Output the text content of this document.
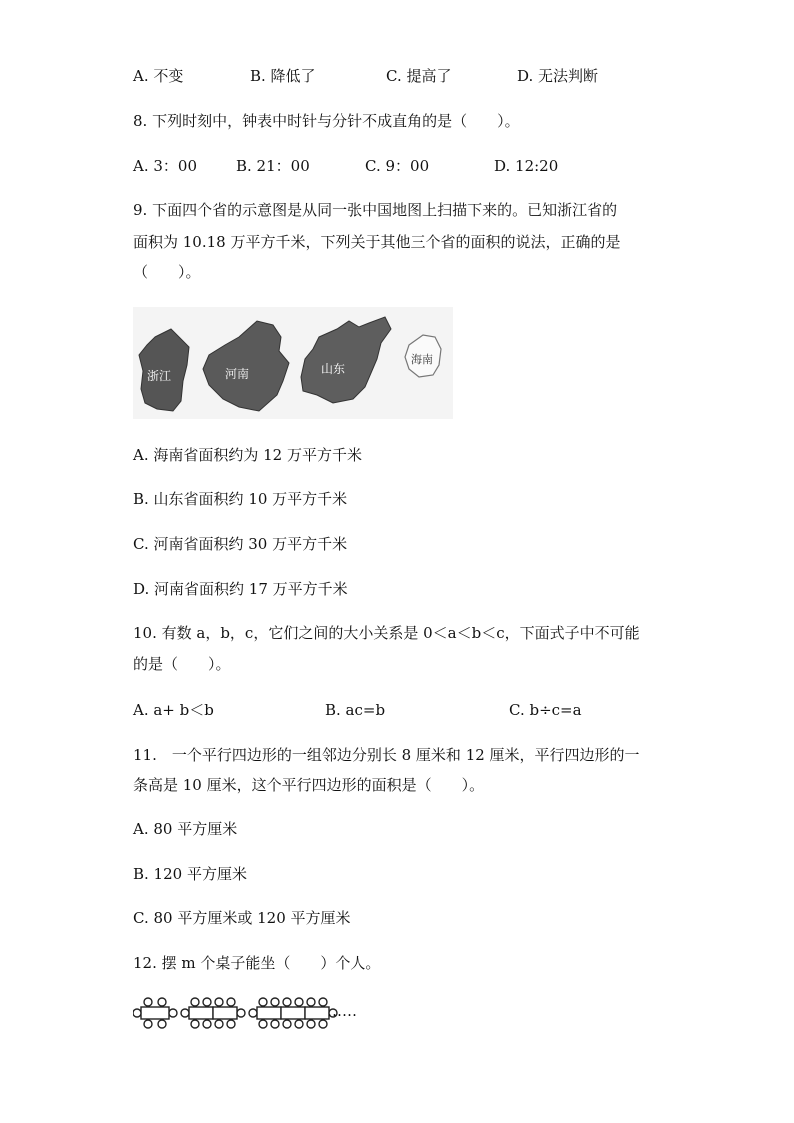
A. 不变	B. 降低了	C. 提高了	D. 无法判断
8. 下列时刻中，钟表中时针与分针不成直角的是（　　）。
A. 3：00	B. 21：00	C. 9：00	D. 12:20
9. 下面四个省的示意图是从同一张中国地图上扫描下来的。已知浙江省的
面积为 10.18 万平方千米，下列关于其他三个省的面积的说法，正确的是
（　　）。
浙江	河南	山东
海南
A. 海南省面积约为 12 万平方千米
B. 山东省面积约 10 万平方千米
C. 河南省面积约 30 万平方千米
D. 河南省面积约 17 万平方千米
10. 有数 a，b，c，它们之间的大小关系是 0＜a＜b＜c，下面式子中不可能
的是（　　）。
A. a+ b＜b	B. ac=b	C. b÷c=a
11.　一个平行四边形的一组邻边分别长 8 厘米和 12 厘米，平行四边形的一
条高是 10 厘米，这个平行四边形的面积是（　　）。
A. 80 平方厘米
B. 120 平方厘米
C. 80 平方厘米或 120 平方厘米
12. 摆 m 个桌子能坐（　　）个人。
……
